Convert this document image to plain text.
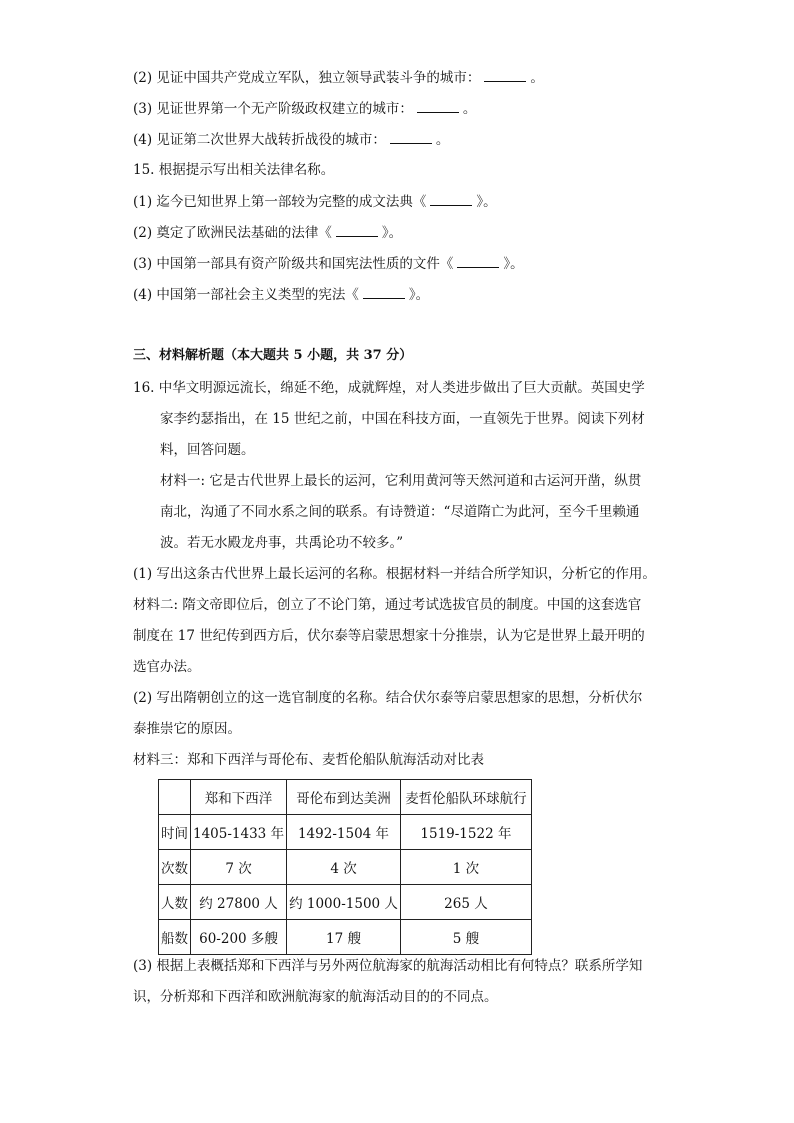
(2) 见证中国共产党成立军队，独立领导武装斗争的城市：	。
(3) 见证世界第一个无产阶级政权建立的城市：	。
(4) 见证第二次世界大战转折战役的城市：	。
15. 根据提示写出相关法律名称。
(1) 迄今已知世界上第一部较为完整的成文法典《	》。
(2) 奠定了欧洲民法基础的法律《	》。
(3) 中国第一部具有资产阶级共和国宪法性质的文件《	》。
(4) 中国第一部社会主义类型的宪法《	》。
三、材料解析题（本大题共 5 小题，共 37 分）
16. 中华文明源远流长，绵延不绝，成就辉煌，对人类进步做出了巨大贡献。英国史学
家李约瑟指出，在 15 世纪之前，中国在科技方面，一直领先于世界。阅读下列材
料，回答问题。
材料一: 它是古代世界上最长的运河，它利用黄河等天然河道和古运河开凿，纵贯
南北，沟通了不同水系之间的联系。有诗赞道：“尽道隋亡为此河，至今千里赖通
波。若无水殿龙舟事，共禹论功不较多。”
(1) 写出这条古代世界上最长运河的名称。根据材料一并结合所学知识，分析它的作用。
材料二: 隋文帝即位后，创立了不论门第，通过考试选拔官员的制度。中国的这套选官
制度在 17 世纪传到西方后，伏尔泰等启蒙思想家十分推崇，认为它是世界上最开明的
选官办法。
(2) 写出隋朝创立的这一选官制度的名称。结合伏尔泰等启蒙思想家的思想，分析伏尔
泰推崇它的原因。
材料三：郑和下西洋与哥伦布、麦哲伦船队航海活动对比表
	郑和下西洋	哥伦布到达美洲	麦哲伦船队环球航行
时间	1405-1433 年	1492-1504 年	1519-1522 年
次数	7 次	4 次	1 次
人数	约 27800 人	约 1000-1500 人	265 人
船数	60-200 多艘	17 艘	5 艘
(3) 根据上表概括郑和下西洋与另外两位航海家的航海活动相比有何特点？联系所学知
识，分析郑和下西洋和欧洲航海家的航海活动目的的不同点。
